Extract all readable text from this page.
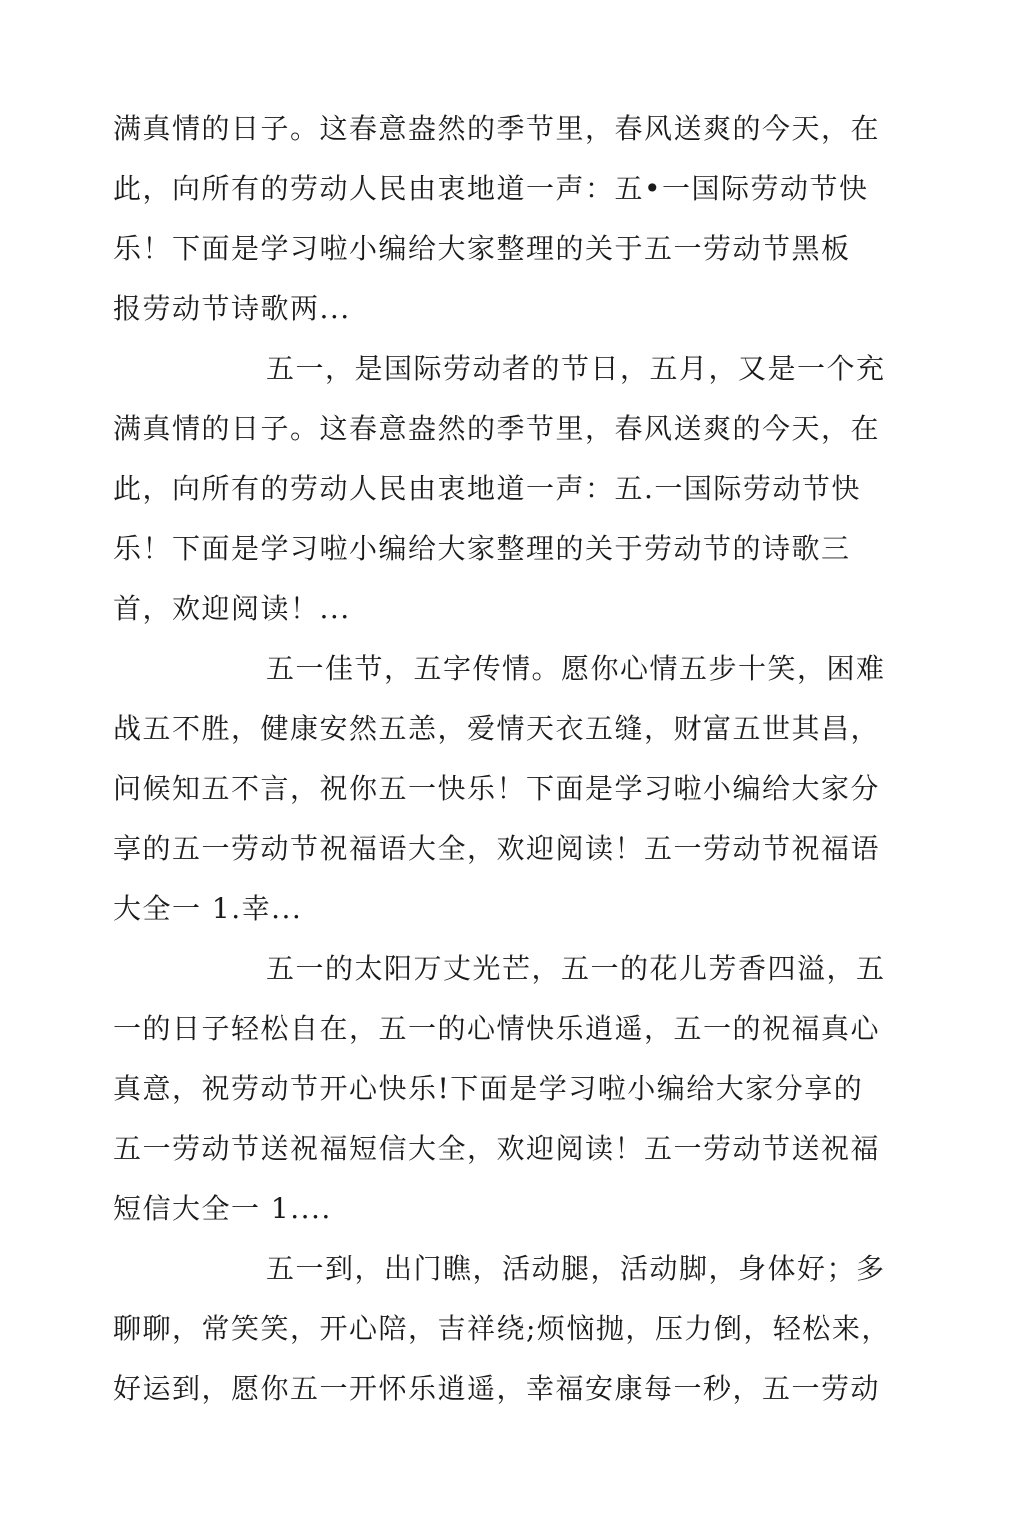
满真情的日子。这春意盎然的季节里，春风送爽的今天，在
此，向所有的劳动人民由衷地道一声：五•一国际劳动节快
乐！下面是学习啦小编给大家整理的关于五一劳动节黑板
报劳动节诗歌两...
五一，是国际劳动者的节日，五月，又是一个充
满真情的日子。这春意盎然的季节里，春风送爽的今天，在
此，向所有的劳动人民由衷地道一声：五.一国际劳动节快
乐！下面是学习啦小编给大家整理的关于劳动节的诗歌三
首，欢迎阅读！...
五一佳节，五字传情。愿你心情五步十笑，困难
战五不胜，健康安然五恙，爱情天衣五缝，财富五世其昌，
问候知五不言，祝你五一快乐！下面是学习啦小编给大家分
享的五一劳动节祝福语大全，欢迎阅读！五一劳动节祝福语
大全一 1.幸...
五一的太阳万丈光芒，五一的花儿芳香四溢，五
一的日子轻松自在，五一的心情快乐逍遥，五一的祝福真心
真意，祝劳动节开心快乐!下面是学习啦小编给大家分享的
五一劳动节送祝福短信大全，欢迎阅读！五一劳动节送祝福
短信大全一 1....
五一到，出门瞧，活动腿，活动脚，身体好；多
聊聊，常笑笑，开心陪，吉祥绕;烦恼抛，压力倒，轻松来，
好运到，愿你五一开怀乐逍遥，幸福安康每一秒，五一劳动
